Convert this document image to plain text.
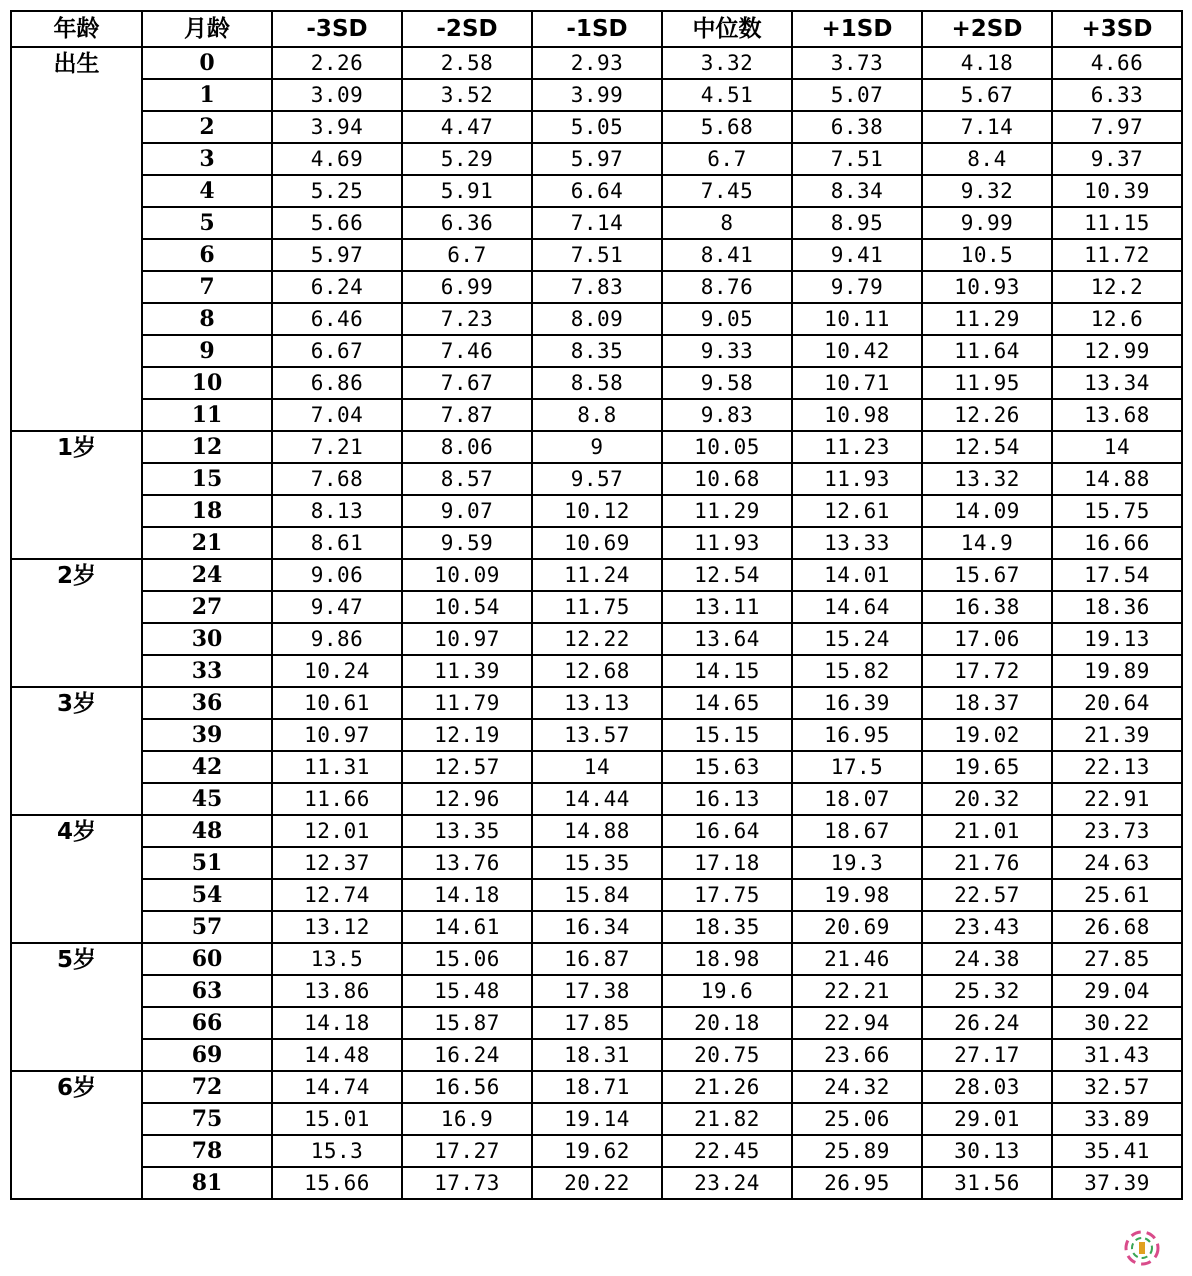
年龄	月龄	-3SD	-2SD	-1SD	中位数	+1SD	+2SD	+3SD
出生	0	2.26	2.58	2.93	3.32	3.73	4.18	4.66
	1	3.09	3.52	3.99	4.51	5.07	5.67	6.33
	2	3.94	4.47	5.05	5.68	6.38	7.14	7.97
	3	4.69	5.29	5.97	6.7	7.51	8.4	9.37
	4	5.25	5.91	6.64	7.45	8.34	9.32	10.39
	5	5.66	6.36	7.14	8	8.95	9.99	11.15
	6	5.97	6.7	7.51	8.41	9.41	10.5	11.72
	7	6.24	6.99	7.83	8.76	9.79	10.93	12.2
	8	6.46	7.23	8.09	9.05	10.11	11.29	12.6
	9	6.67	7.46	8.35	9.33	10.42	11.64	12.99
	10	6.86	7.67	8.58	9.58	10.71	11.95	13.34
	11	7.04	7.87	8.8	9.83	10.98	12.26	13.68
1岁	12	7.21	8.06	9	10.05	11.23	12.54	14
	15	7.68	8.57	9.57	10.68	11.93	13.32	14.88
	18	8.13	9.07	10.12	11.29	12.61	14.09	15.75
	21	8.61	9.59	10.69	11.93	13.33	14.9	16.66
2岁	24	9.06	10.09	11.24	12.54	14.01	15.67	17.54
	27	9.47	10.54	11.75	13.11	14.64	16.38	18.36
	30	9.86	10.97	12.22	13.64	15.24	17.06	19.13
	33	10.24	11.39	12.68	14.15	15.82	17.72	19.89
3岁	36	10.61	11.79	13.13	14.65	16.39	18.37	20.64
	39	10.97	12.19	13.57	15.15	16.95	19.02	21.39
	42	11.31	12.57	14	15.63	17.5	19.65	22.13
	45	11.66	12.96	14.44	16.13	18.07	20.32	22.91
4岁	48	12.01	13.35	14.88	16.64	18.67	21.01	23.73
	51	12.37	13.76	15.35	17.18	19.3	21.76	24.63
	54	12.74	14.18	15.84	17.75	19.98	22.57	25.61
	57	13.12	14.61	16.34	18.35	20.69	23.43	26.68
5岁	60	13.5	15.06	16.87	18.98	21.46	24.38	27.85
	63	13.86	15.48	17.38	19.6	22.21	25.32	29.04
	66	14.18	15.87	17.85	20.18	22.94	26.24	30.22
	69	14.48	16.24	18.31	20.75	23.66	27.17	31.43
6岁	72	14.74	16.56	18.71	21.26	24.32	28.03	32.57
	75	15.01	16.9	19.14	21.82	25.06	29.01	33.89
	78	15.3	17.27	19.62	22.45	25.89	30.13	35.41
	81	15.66	17.73	20.22	23.24	26.95	31.56	37.39
